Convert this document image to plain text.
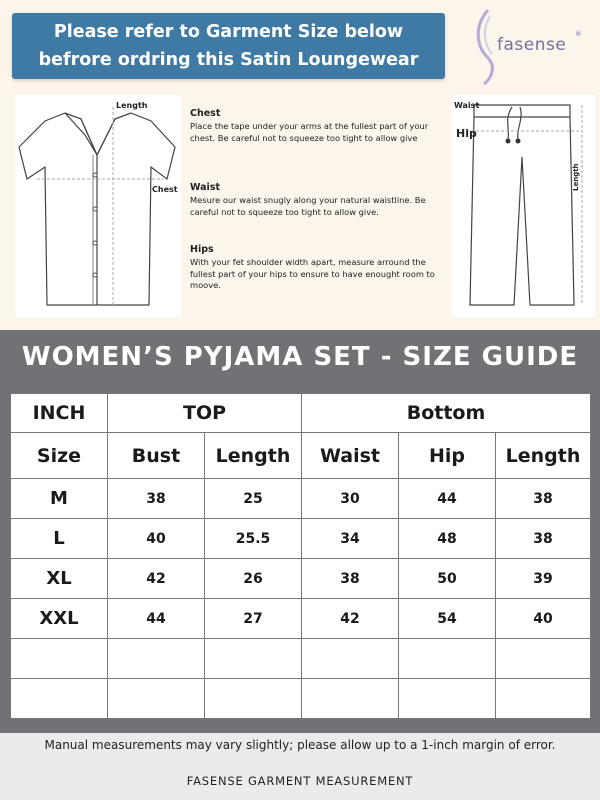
Please refer to Garment Size below
befrore ordring this Satin Loungewear
fasense
®
Length
Chest
Chest

Place the tape under your arms at the fullest part of your chest. Be careful not to squeeze too tight to allow give

Waist

Mesure our waist snugly along your natural waistline. Be careful not to squeeze too tight to allow give.

Hips

With your fet shoulder width apart, measure arround the fullest part of your hips to ensure to have enought room to moove.

Waist
Hip
Length
WOMEN’S PYJAMA SET - SIZE GUIDE
INCH	TOP		Bottom		
Size	Bust	Length	Waist	Hip	Length
M	38	25	30	44	38
L	40	25.5	34	48	38
XL	42	26	38	50	39
XXL	44	27	42	54	40

Manual measurements may vary slightly; please allow up to a 1-inch margin of error.
FASENSE GARMENT MEASUREMENT
